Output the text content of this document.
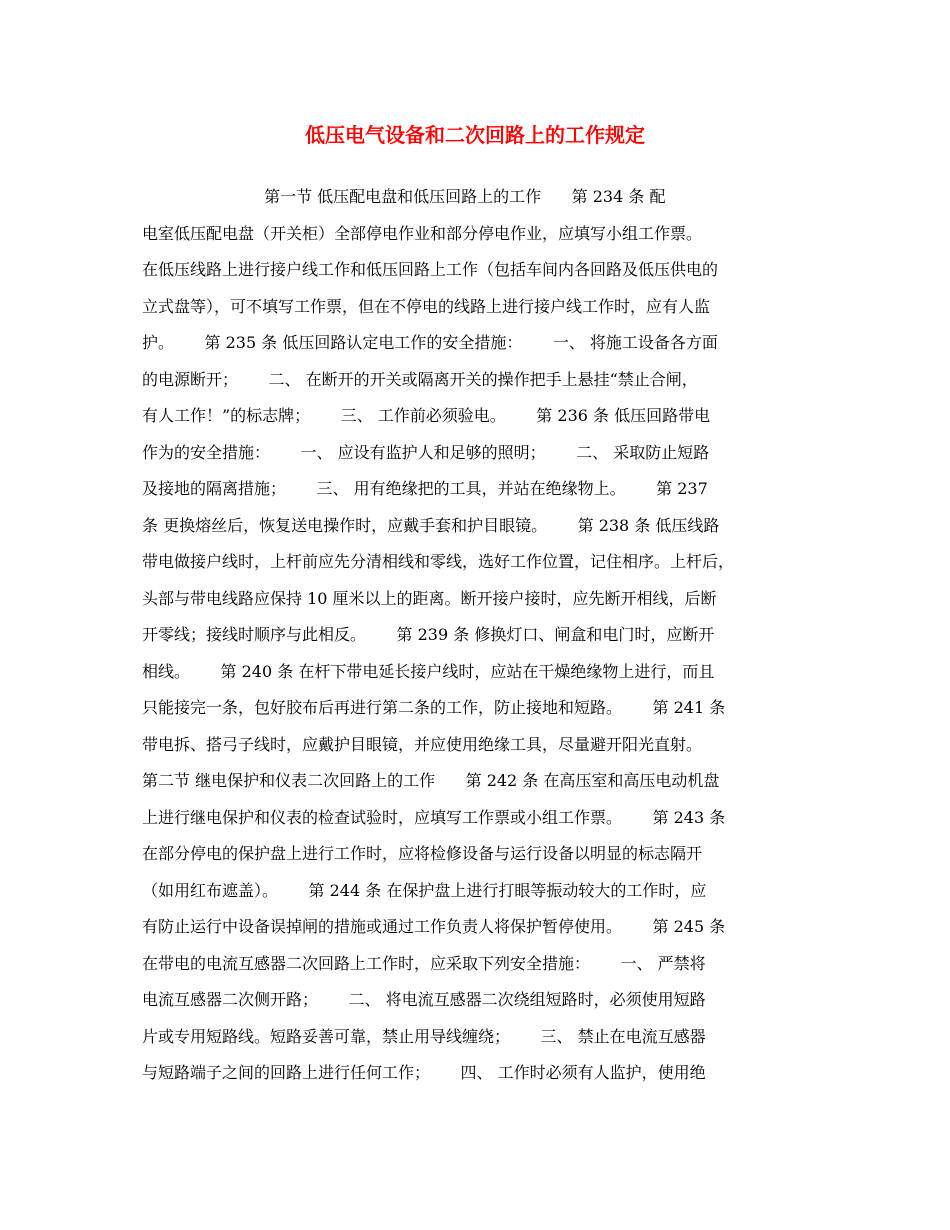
低压电气设备和二次回路上的工作规定
第一节 低压配电盘和低压回路上的工作      第 234 条 配
电室低压配电盘（开关柜）全部停电作业和部分停电作业，应填写小组工作票。
在低压线路上进行接户线工作和低压回路上工作（包括车间内各回路及低压供电的
立式盘等），可不填写工作票，但在不停电的线路上进行接户线工作时，应有人监
护。      第 235 条 低压回路认定电工作的安全措施：      一、 将施工设备各方面
的电源断开；      二、 在断开的开关或隔离开关的操作把手上悬挂“禁止合闸，
有人工作！”的标志牌；      三、 工作前必须验电。      第 236 条 低压回路带电
作为的安全措施：      一、 应设有监护人和足够的照明；      二、 采取防止短路
及接地的隔离措施；      三、 用有绝缘把的工具，并站在绝缘物上。      第 237
条 更换熔丝后，恢复送电操作时，应戴手套和护目眼镜。      第 238 条 低压线路
带电做接户线时，上杆前应先分清相线和零线，选好工作位置，记住相序。上杆后，
头部与带电线路应保持 10 厘米以上的距离。断开接户接时，应先断开相线，后断
开零线；接线时顺序与此相反。      第 239 条 修换灯口、闸盒和电门时，应断开
相线。      第 240 条 在杆下带电延长接户线时，应站在干燥绝缘物上进行，而且
只能接完一条，包好胶布后再进行第二条的工作，防止接地和短路。      第 241 条
带电拆、搭弓子线时，应戴护目眼镜，并应使用绝缘工具，尽量避开阳光直射。
第二节 继电保护和仪表二次回路上的工作      第 242 条 在高压室和高压电动机盘
上进行继电保护和仪表的检查试验时，应填写工作票或小组工作票。      第 243 条
在部分停电的保护盘上进行工作时，应将检修设备与运行设备以明显的标志隔开
（如用红布遮盖）。      第 244 条 在保护盘上进行打眼等振动较大的工作时，应
有防止运行中设备误掉闸的措施或通过工作负责人将保护暂停使用。      第 245 条
在带电的电流互感器二次回路上工作时，应采取下列安全措施：      一、 严禁将
电流互感器二次侧开路；      二、 将电流互感器二次绕组短路时，必须使用短路
片或专用短路线。短路妥善可靠，禁止用导线缠绕；      三、 禁止在电流互感器
与短路端子之间的回路上进行任何工作；      四、 工作时必须有人监护，使用绝
